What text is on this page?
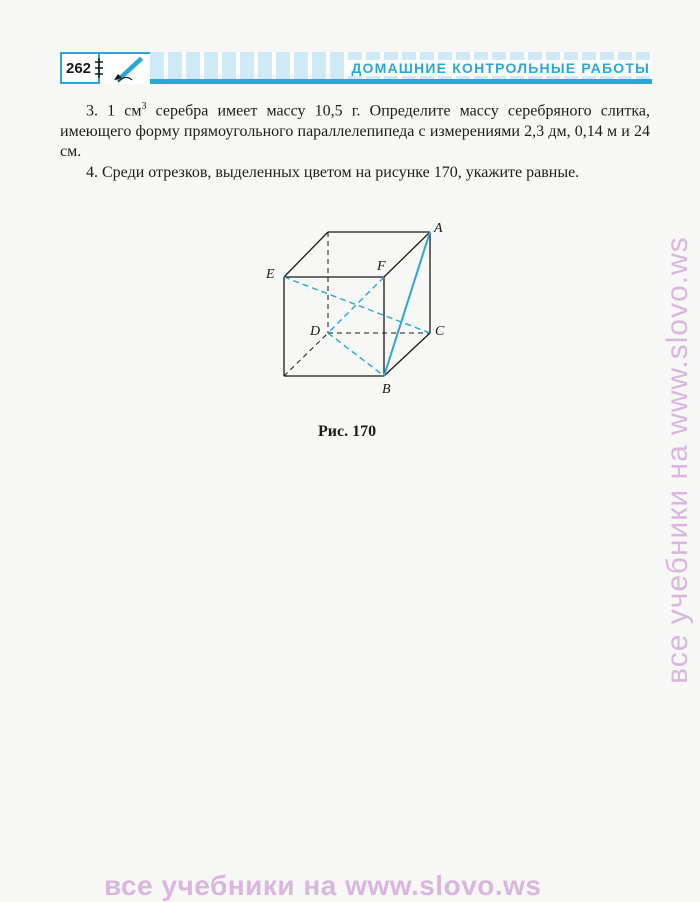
262	ДОМАШНИЕ КОНТРОЛЬНЫЕ РАБОТЫ

3. 1 $см^3$ серебра имеет массу 10,5 г. Определите массу серебряного слитка, имеющего форму прямоугольного параллелепипеда с измерениями 2,3 дм, 0,14 м и 24 см.

4. Среди отрезков, выделенных цветом на рисунке 170, укажите равные.

A
E
F
D	C
B
Рис. 170	все учебники на www.slovo.ws
все учебники на www.slovo.ws
